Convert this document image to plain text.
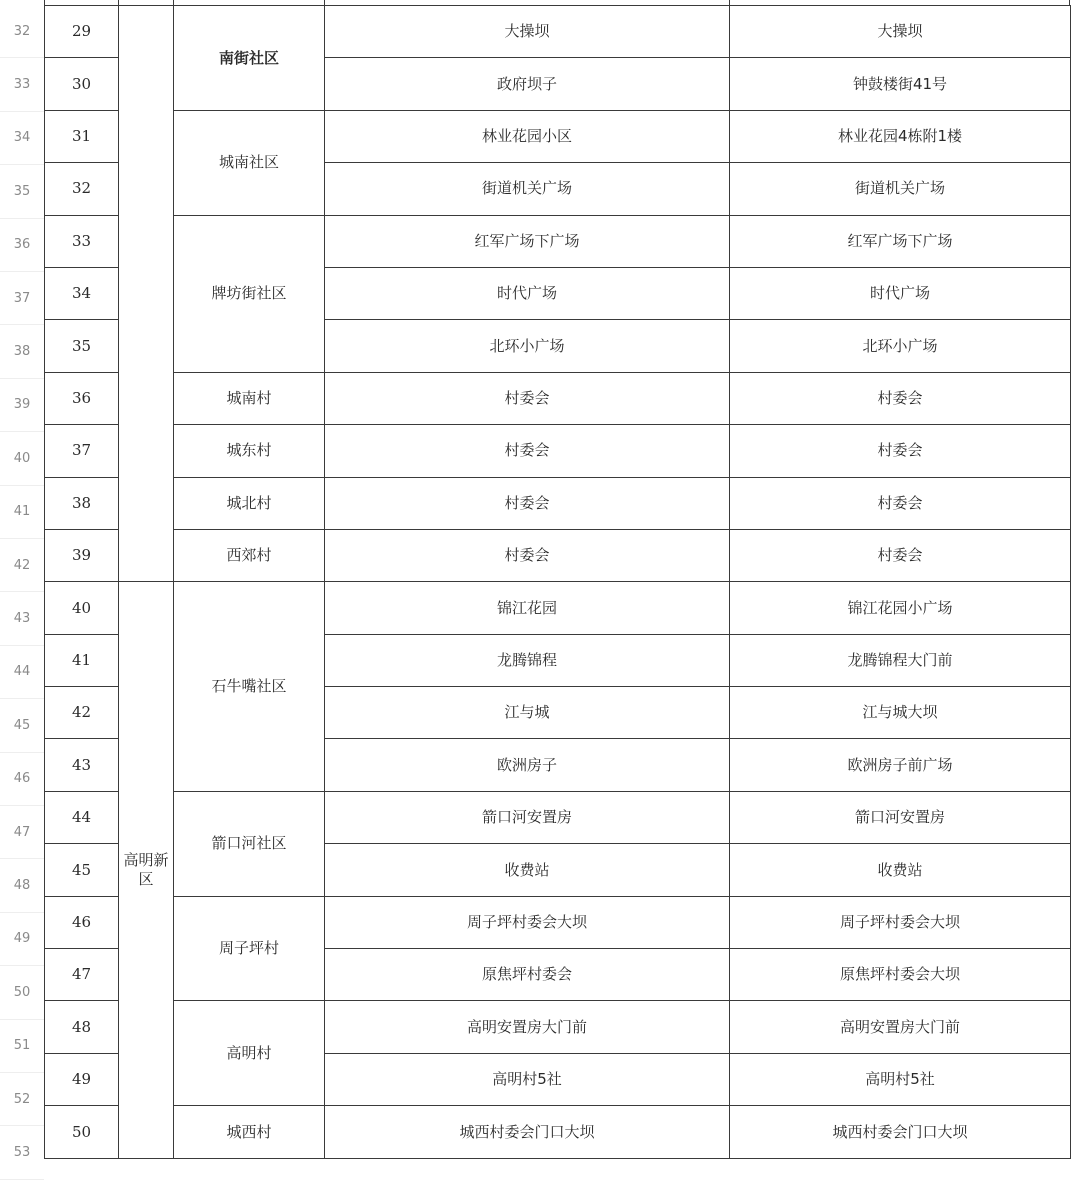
32
33
34
35
36
37
38
39
40
41
42
43
44
45
46
47
48
49
50
51
52
53
29		南街社区	大操坝	大操坝
30			政府坝子	钟鼓楼街41号
31		城南社区	林业花园小区	林业花园4栋附1楼
32			街道机关广场	街道机关广场
33		牌坊街社区	红军广场下广场	红军广场下广场
34			时代广场	时代广场
35			北环小广场	北环小广场
36		城南村	村委会	村委会
37		城东村	村委会	村委会
38		城北村	村委会	村委会
39		西郊村	村委会	村委会
40	高明新区	石牛嘴社区	锦江花园	锦江花园小广场
41			龙腾锦程	龙腾锦程大门前
42			江与城	江与城大坝
43			欧洲房子	欧洲房子前广场
44		箭口河社区	箭口河安置房	箭口河安置房
45			收费站	收费站
46		周子坪村	周子坪村委会大坝	周子坪村委会大坝
47			原焦坪村委会	原焦坪村委会大坝
48		高明村	高明安置房大门前	高明安置房大门前
49			高明村5社	高明村5社
50		城西村	城西村委会门口大坝	城西村委会门口大坝
